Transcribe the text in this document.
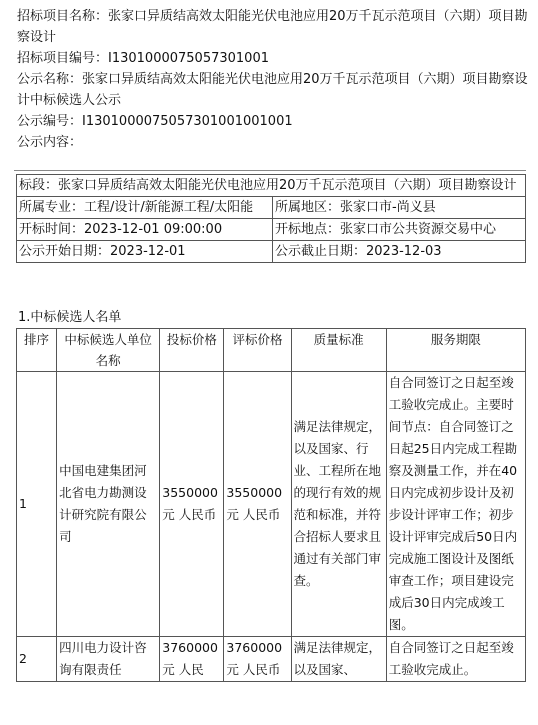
招标项目名称：张家口异质结高效太阳能光伏电池应用20万千瓦示范项目（六期）项目勘察设计

招标项目编号：I1301000075057301001

公示名称：张家口异质结高效太阳能光伏电池应用20万千瓦示范项目（六期）项目勘察设计中标候选人公示

公示编号：I1301000075057301001001001

公示内容：

标段：张家口异质结高效太阳能光伏电池应用20万千瓦示范项目（六期）项目勘察设计	
所属专业：工程/设计/新能源工程/太阳能	所属地区：张家口市-尚义县
开标时间：2023-12-01 09:00:00	开标地点：张家口市公共资源交易中心
公示开始日期：2023-12-01	公示截止日期：2023-12-03
1.中标候选人名单
排序	中标候选人单位名称	投标价格	评标价格	质量标准	服务期限
1	中国电建集团河北省电力勘测设计研究院有限公司	3550000元 人民币	3550000元 人民币	满足法律规定，以及国家、行业、工程所在地的现行有效的规范和标准，并符合招标人要求且通过有关部门审查。	自合同签订之日起至竣工验收完成止。主要时间节点：自合同签订之日起25日内完成工程勘察及测量工作，并在40日内完成初步设计及初步设计评审工作；初步设计评审完成后50日内完成施工图设计及图纸审查工作；项目建设完成后30日内完成竣工图。
2	四川电力设计咨询有限责任	3760000元 人民	3760000元 人民币	满足法律规定，以及国家、	自合同签订之日起至竣工验收完成止。
